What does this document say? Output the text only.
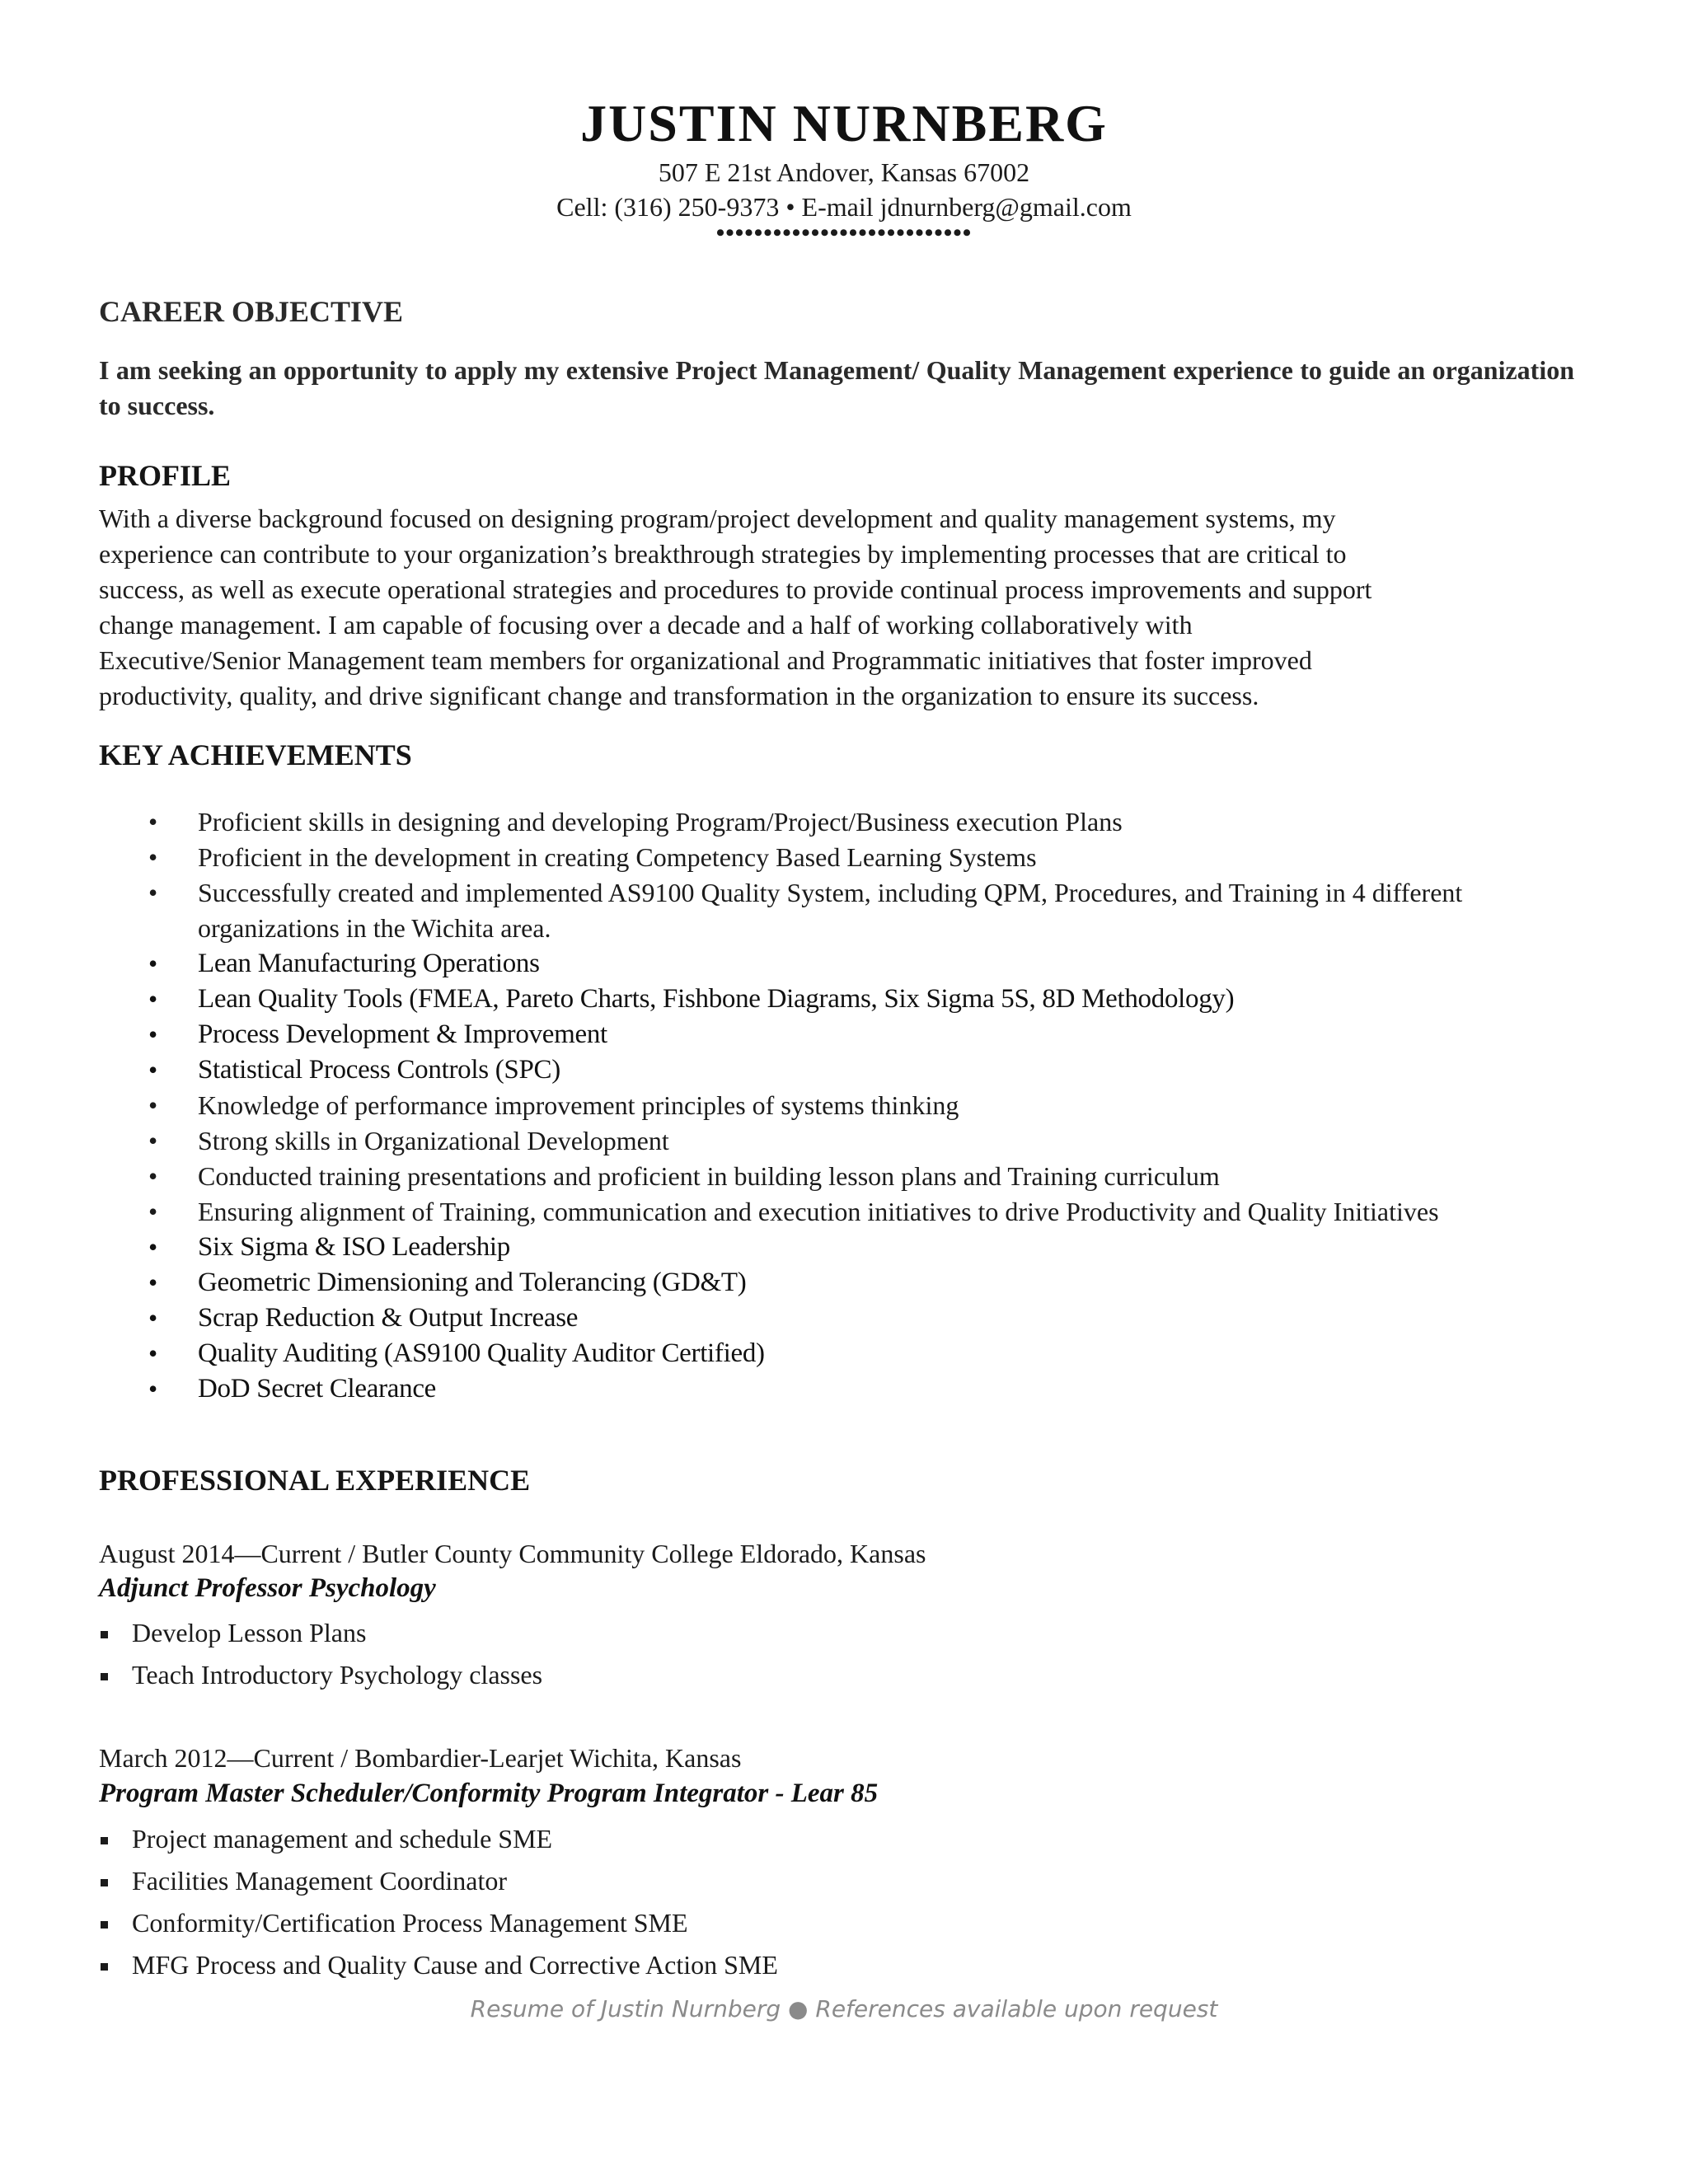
JUSTIN NURNBERG
507 E 21st Andover, Kansas 67002
Cell: (316) 250-9373 • E-mail jdnurnberg@gmail.com
•••••••••••••••••••••••••••
CAREER OBJECTIVE
I am seeking an opportunity to apply my extensive Project Management/ Quality Management experience to guide an organization to success.
PROFILE
With a diverse background focused on designing program/project development and quality management systems, my
experience can contribute to your organization’s breakthrough strategies by implementing processes that are critical to
success, as well as execute operational strategies and procedures to provide continual process improvements and support
change management. I am capable of focusing over a decade and a half of working collaboratively with
Executive/Senior Management team members for organizational and Programmatic initiatives that foster improved
productivity, quality, and drive significant change and transformation in the organization to ensure its success.
KEY ACHIEVEMENTS
• Proficient skills in designing and developing Program/Project/Business execution Plans
• Proficient in the development in creating Competency Based Learning Systems
• Successfully created and implemented AS9100 Quality System, including QPM, Procedures, and Training in 4 different organizations in the Wichita area.
• Lean Manufacturing Operations
• Lean Quality Tools (FMEA, Pareto Charts, Fishbone Diagrams, Six Sigma 5S, 8D Methodology)
• Process Development & Improvement
• Statistical Process Controls (SPC)
• Knowledge of performance improvement principles of systems thinking
• Strong skills in Organizational Development
• Conducted training presentations and proficient in building lesson plans and Training curriculum
• Ensuring alignment of Training, communication and execution initiatives to drive Productivity and Quality Initiatives
• Six Sigma & ISO Leadership
• Geometric Dimensioning and Tolerancing (GD&T)
• Scrap Reduction & Output Increase
• Quality Auditing (AS9100 Quality Auditor Certified)
• DoD Secret Clearance
PROFESSIONAL EXPERIENCE
August 2014—Current / Butler County Community College Eldorado, Kansas
Adjunct Professor Psychology
Develop Lesson Plans
Teach Introductory Psychology classes
March 2012—Current / Bombardier-Learjet Wichita, Kansas
Program Master Scheduler/Conformity Program Integrator - Lear 85
Project management and schedule SME
Facilities Management Coordinator
Conformity/Certification Process Management SME
MFG Process and Quality Cause and Corrective Action SME
Resume of Justin Nurnberg ● References available upon request
